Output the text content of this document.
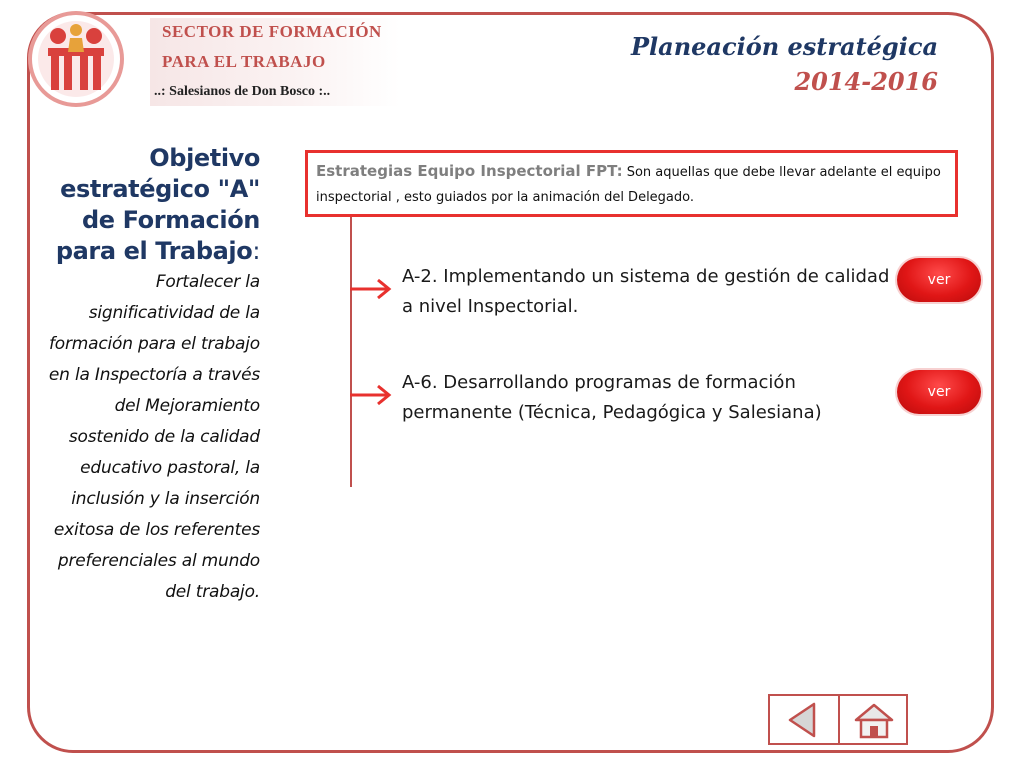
SECTOR DE FORMACIÓN
PARA EL TRABAJO
..: Salesianos de Don Bosco :..
Planeación estratégica
2014-2016
Objetivo estratégico "A" de Formación para el Trabajo:
Fortalecer la significatividad de la formación para el trabajo en la Inspectoría a través del Mejoramiento sostenido de la calidad educativo pastoral, la inclusión y la inserción exitosa de los referentes preferenciales al mundo del trabajo.
Estrategias Equipo Inspectorial FPT: Son aquellas que debe llevar adelante el equipo inspectorial , esto guiados por la animación del Delegado.
A-2. Implementando un sistema de gestión de calidad a nivel Inspectorial.
A-6. Desarrollando programas de formación permanente (Técnica, Pedagógica y Salesiana)
ver
ver
